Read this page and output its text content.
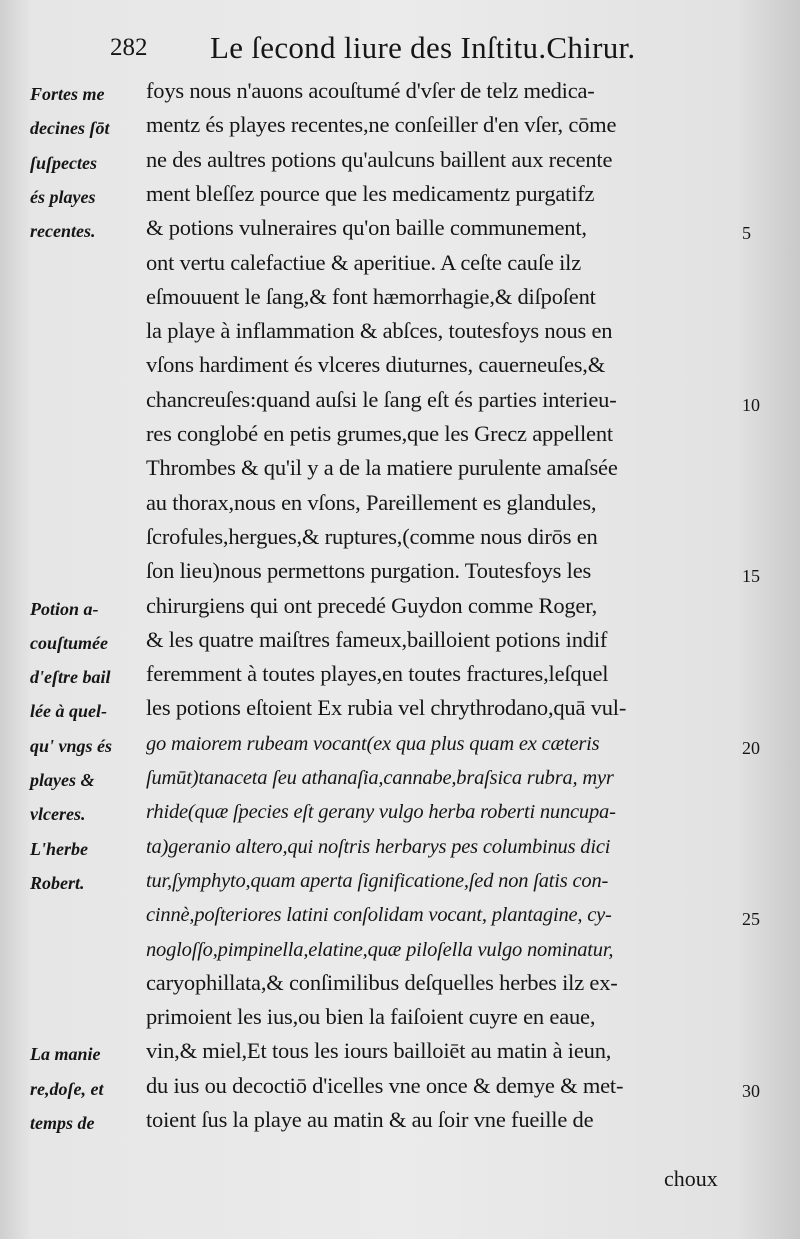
282 Le ſecond liure des Inſtitu.Chirur.
Fortes me foys nous n'auons acouſtumé d'vſer de telz medica-
decines ſōt mentz és playes recentes,ne conſeiller d'en vſer, cōme
ſuſpectes ne des aultres potions qu'aulcuns baillent aux recente
és playes ment bleſſez pource que les medicamentz purgatifz
recentes. & potions vulneraires qu'on baille communement,	5
ont vertu calefactiue & aperitiue. A ceſte cauſe ilz
eſmouuent le ſang,& font hæmorrhagie,& diſpoſent
la playe à inflammation & abſces, toutesfoys nous en
vſons hardiment és vlceres diuturnes, cauerneuſes,&
chancreuſes:quand auſsi le ſang eſt és parties interieu-	10
res conglobé en petis grumes,que les Grecz appellent
Thrombes & qu'il y a de la matiere purulente amaſsée
au thorax,nous en vſons, Pareillement es glandules,
ſcrofules,hergues,& ruptures,(comme nous dirōs en
ſon lieu)nous permettons purgation. Toutesfoys les	15
Potion a- chirurgiens qui ont precedé Guydon comme Roger,
couſtumée & les quatre maiſtres fameux,bailloient potions indif
d'eſtre bail feremment à toutes playes,en toutes fractures,leſquel
lée à quel- les potions eſtoient Ex rubia vel chrythrodano,quā vul-
qu' vngs és go maiorem rubeam vocant(ex qua plus quam ex cæteris	20
playes &	ſumūt)tanaceta ſeu athanaſia,cannabe,braſsica rubra, myr
vlceres.	rhide(quæ ſpecies eſt gerany vulgo herba roberti nuncupa-
L'herbe	ta)geranio altero,qui noſtris herbarys pes columbinus dici
Robert.	tur,ſymphyto,quam aperta ſignificatione,ſed non ſatis con-
cinnè,poſteriores latini conſolidam vocant, plantagine, cy-	25
nogloſſo,pimpinella,elatine,quæ piloſella vulgo nominatur,
caryophillata,& conſimilibus deſquelles herbes ilz ex-
primoient les ius,ou bien la faiſoient cuyre en eaue,
La manie vin,& miel,Et tous les iours bailloiēt au matin à ieun,
re,doſe, et du ius ou decoctiō d'icelles vne once & demye & met-	30
temps de toient ſus la playe au matin & au ſoir vne fueille de
choux
